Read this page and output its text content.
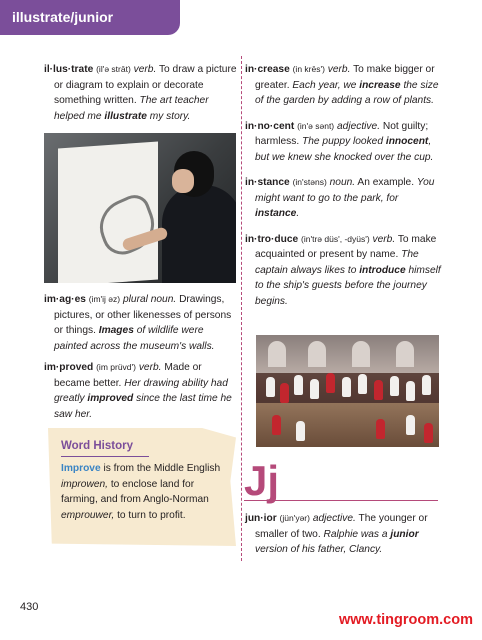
illustrate/junior

il·lus·trate (il'ə strāt) verb. To draw a picture or diagram to explain or decorate something written. The art teacher helped me illustrate my story.

im·ag·es (im'ij əz) plural noun. Drawings, pictures, or other likenesses of persons or things. Images of wildlife were painted across the museum's walls.

im·proved (im prüvd') verb. Made or became better. Her drawing ability had greatly improved since the last time he saw her.

Word History
Improve is from the Middle English improwen, to enclose land for farming, and from Anglo-Norman emprouwer, to turn to profit.

in·crease (in krēs') verb. To make bigger or greater. Each year, we increase the size of the garden by adding a row of plants.

in·no·cent (in'ə sənt) adjective. Not guilty; harmless. The puppy looked innocent, but we knew she knocked over the cup.

in·stance (in'stəns) noun. An example. You might want to go to the park, for instance.

in·tro·duce (in'trə düs', -dyüs') verb. To make acquainted or present by name. The captain always likes to introduce himself to the ship's guests before the journey begins.

Jj

jun·ior (jün'yər) adjective. The younger or smaller of two. Ralphie was a junior version of his father, Clancy.

430
www.tingroom.com
